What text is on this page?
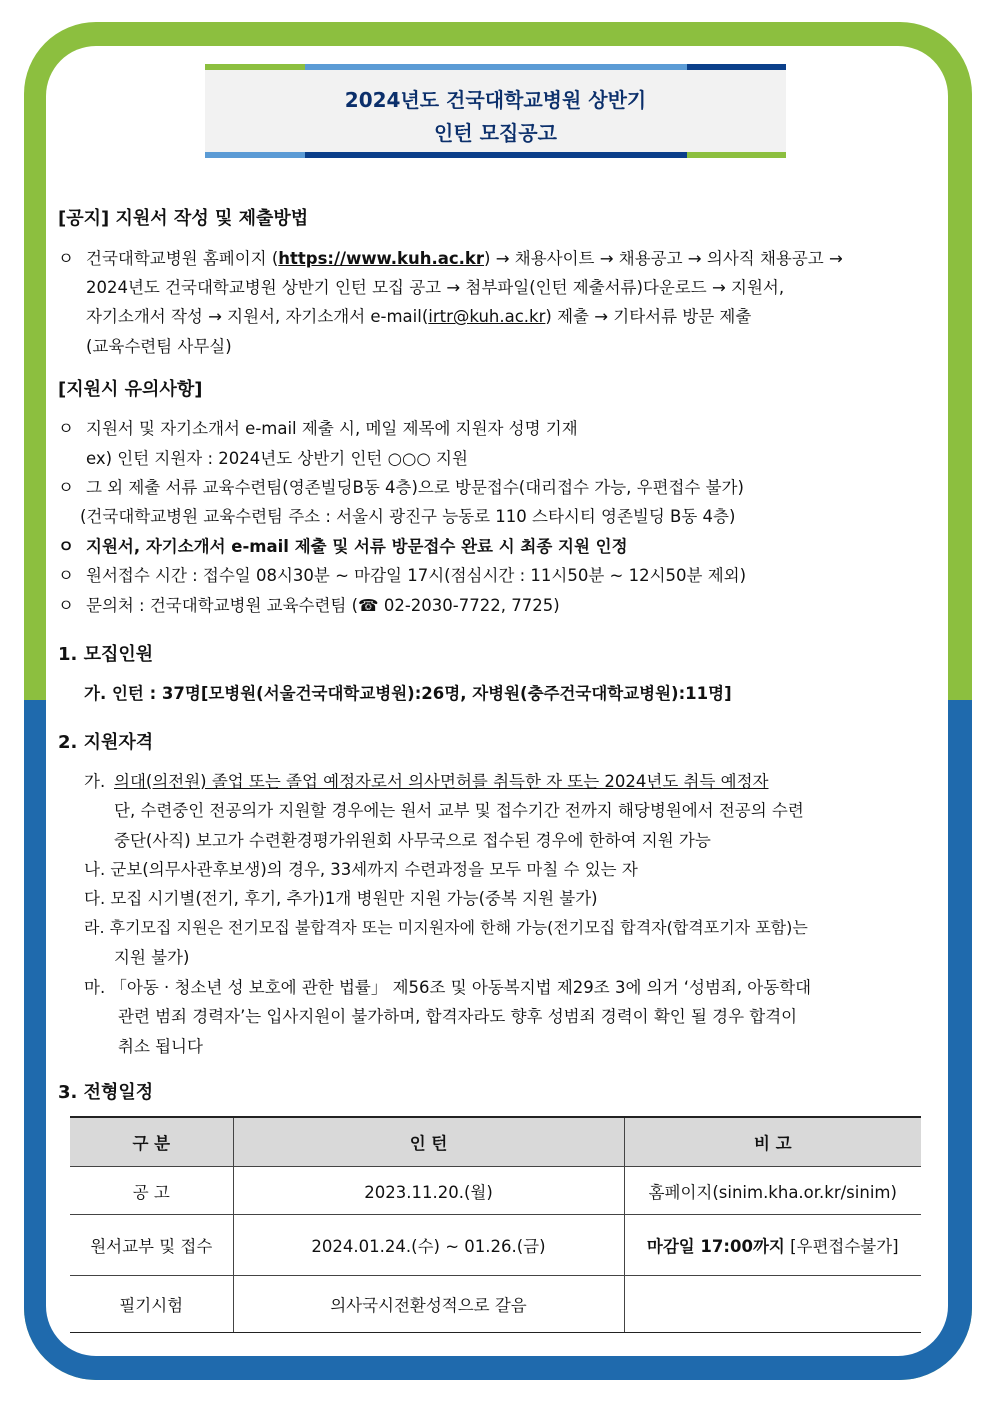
2024년도 건국대학교병원 상반기
인턴 모집공고
[공지] 지원서 작성 및 제출방법
ㅇ 건국대학교병원 홈페이지 (https://www.kuh.ac.kr) → 채용사이트 → 채용공고 → 의사직 채용공고 →
2024년도 건국대학교병원 상반기 인턴 모집 공고 → 첨부파일(인턴 제출서류)다운로드 → 지원서,
자기소개서 작성 → 지원서, 자기소개서 e-mail(irtr@kuh.ac.kr) 제출 → 기타서류 방문 제출
(교육수련팀 사무실)
[지원시 유의사항]
ㅇ 지원서 및 자기소개서 e-mail 제출 시, 메일 제목에 지원자 성명 기재
ex) 인턴 지원자 : 2024년도 상반기 인턴 ○○○ 지원
ㅇ 그 외 제출 서류 교육수련팀(영존빌딩B동 4층)으로 방문접수(대리접수 가능, 우편접수 불가)
(건국대학교병원 교육수련팀 주소 : 서울시 광진구 능동로 110 스타시티 영존빌딩 B동 4층)
ㅇ 지원서, 자기소개서 e-mail 제출 및 서류 방문접수 완료 시 최종 지원 인정
ㅇ 원서접수 시간 : 접수일 08시30분 ~ 마감일 17시(점심시간 : 11시50분 ~ 12시50분 제외)
ㅇ 문의처 : 건국대학교병원 교육수련팀 (☎ 02-2030-7722, 7725)
1. 모집인원
가. 인턴 : 37명[모병원(서울건국대학교병원):26명, 자병원(충주건국대학교병원):11명]
2. 지원자격
가. 의대(의전원) 졸업 또는 졸업 예정자로서 의사면허를 취득한 자 또는 2024년도 취득 예정자
단, 수련중인 전공의가 지원할 경우에는 원서 교부 및 접수기간 전까지 해당병원에서 전공의 수련
중단(사직) 보고가 수련환경평가위원회 사무국으로 접수된 경우에 한하여 지원 가능
나. 군보(의무사관후보생)의 경우, 33세까지 수련과정을 모두 마칠 수 있는 자
다. 모집 시기별(전기, 후기, 추가)1개 병원만 지원 가능(중복 지원 불가)
라. 후기모집 지원은 전기모집 불합격자 또는 미지원자에 한해 가능(전기모집 합격자(합격포기자 포함)는
지원 불가)
마. 「아동 · 청소년 성 보호에 관한 법률」 제56조 및 아동복지법 제29조 3에 의거 ‘성범죄, 아동학대
관련 범죄 경력자’는 입사지원이 불가하며, 합격자라도 향후 성범죄 경력이 확인 될 경우 합격이
취소 됩니다
3. 전형일정
구 분	인 턴	비 고
공 고	2023.11.20.(월)	홈페이지(sinim.kha.or.kr/sinim)
원서교부 및 접수	2024.01.24.(수) ~ 01.26.(금)	마감일 17:00까지 [우편접수불가]
필기시험	의사국시전환성적으로 갈음	
